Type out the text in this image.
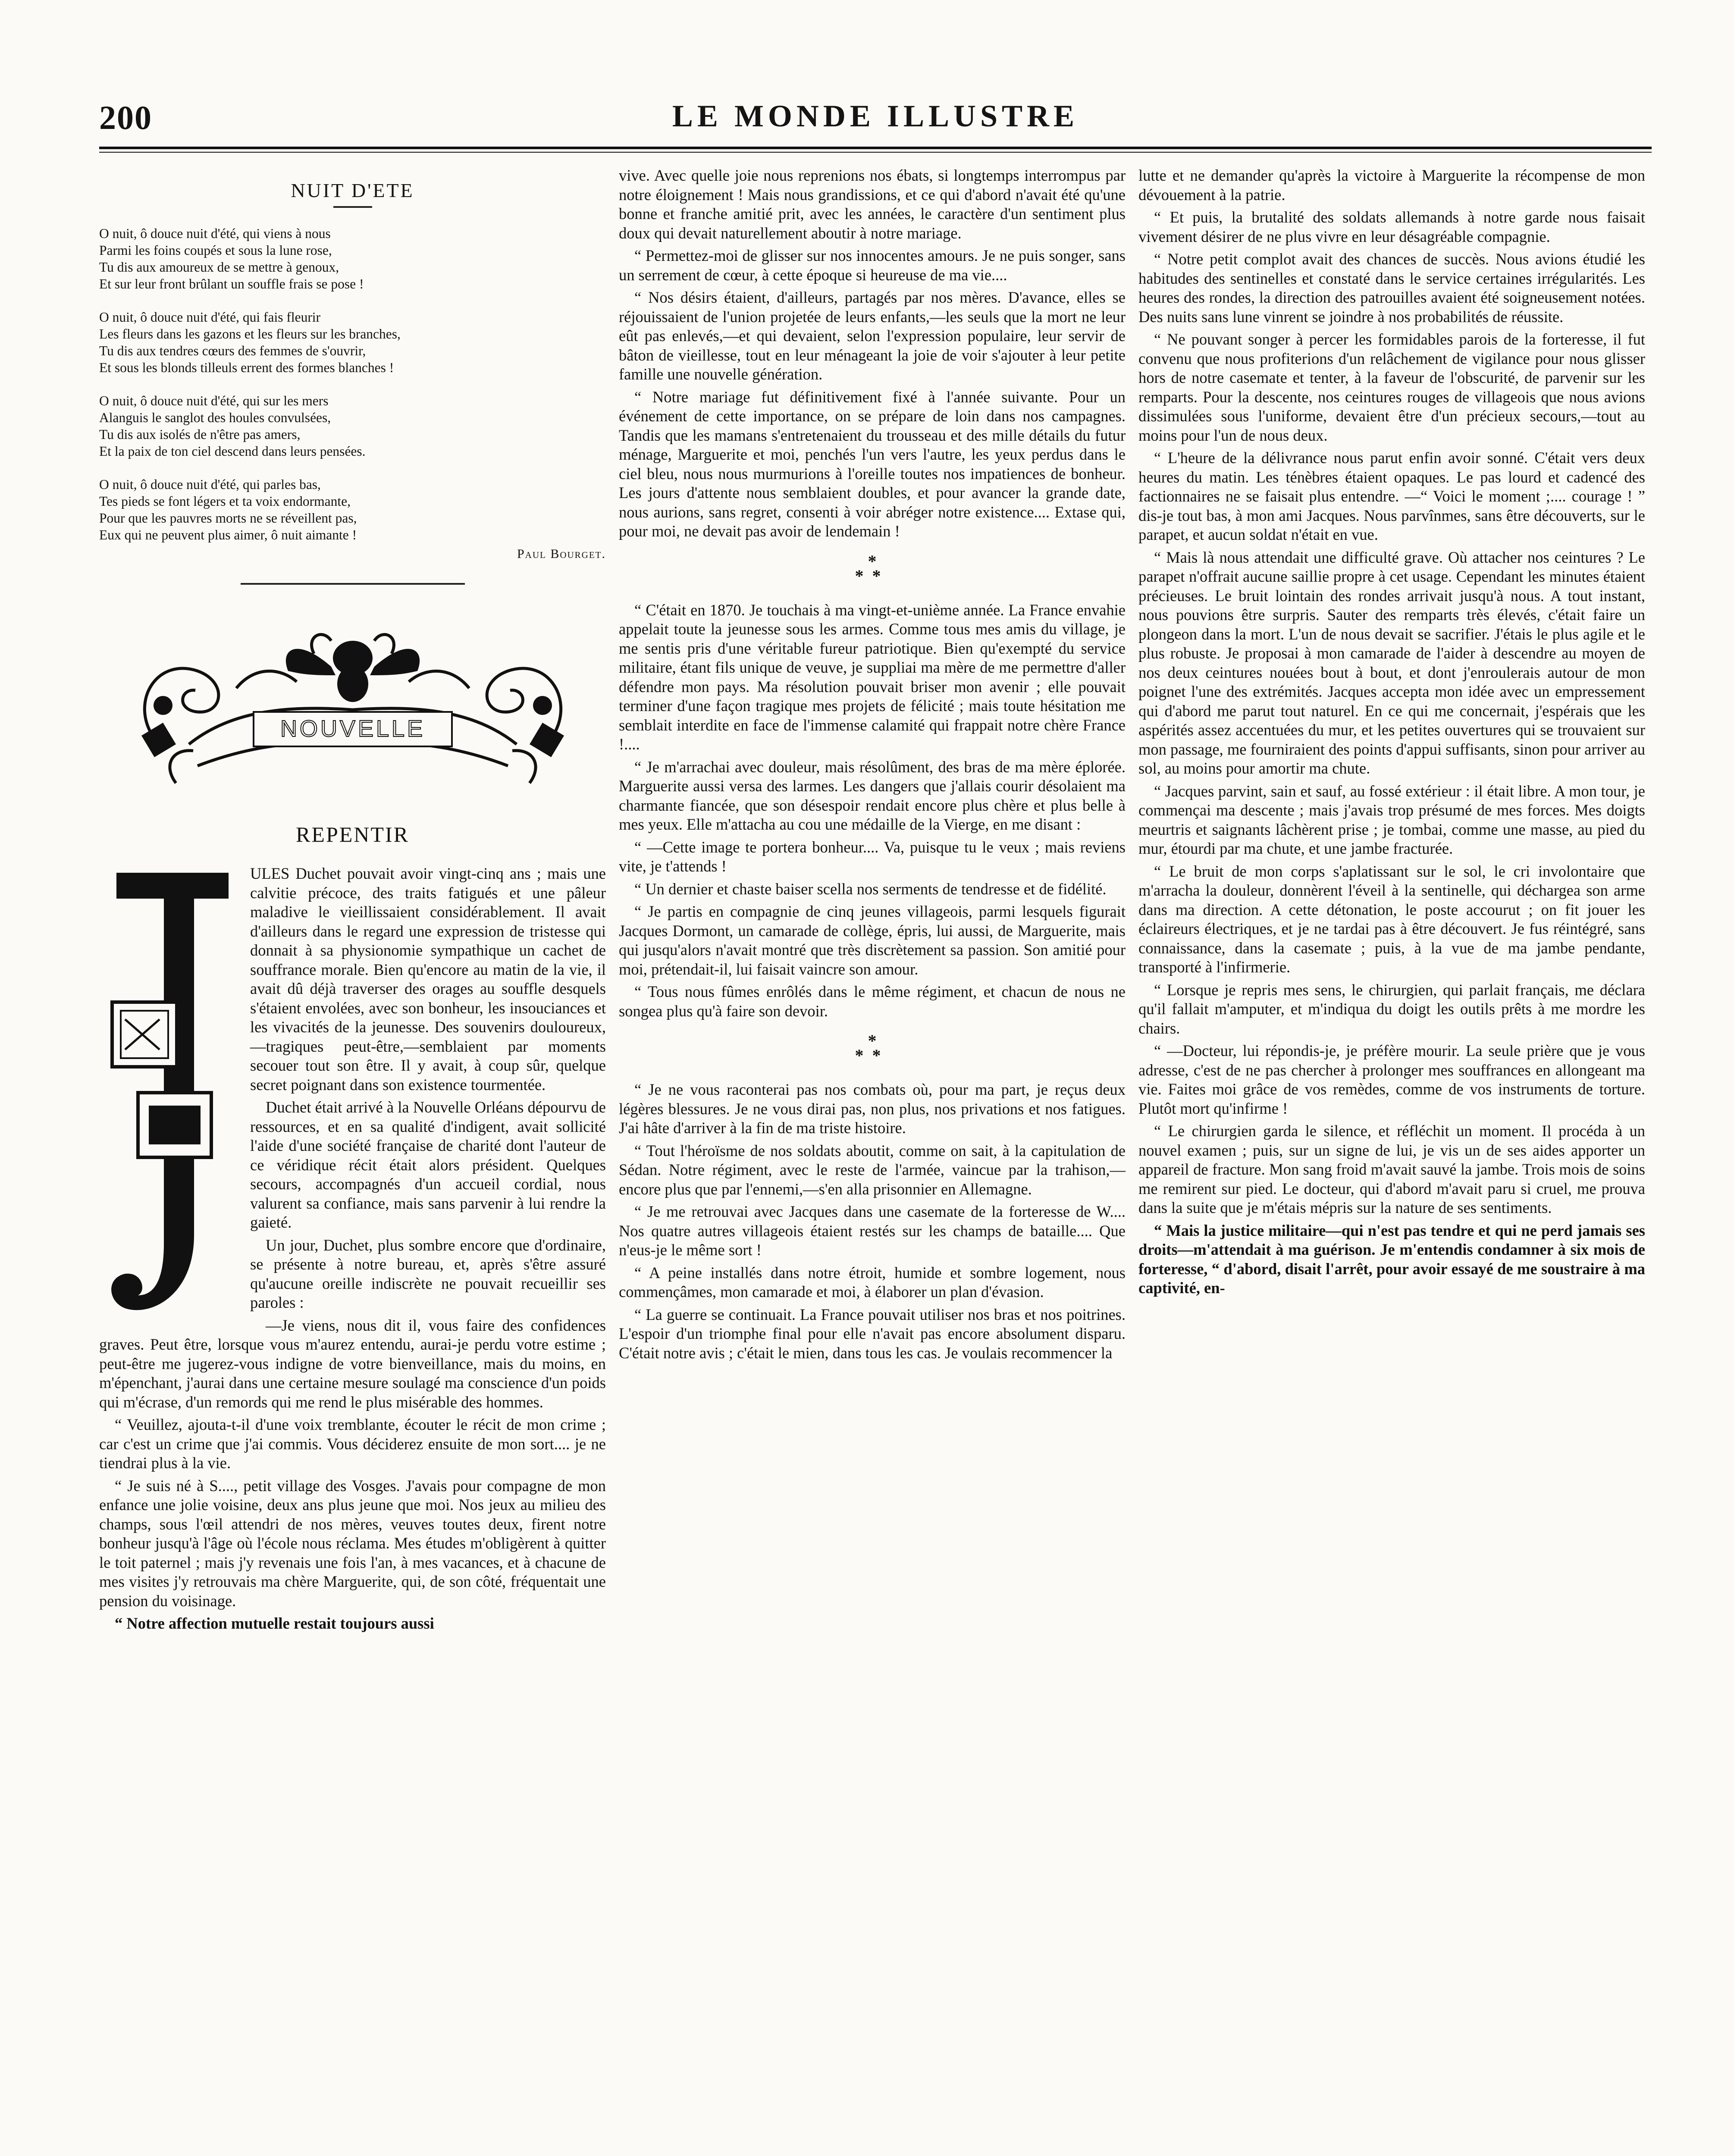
200	LE MONDE ILLUSTRE
NUIT D'ETE
O nuit, ô douce nuit d'été, qui viens à nous
Parmi les foins coupés et sous la lune rose,
Tu dis aux amoureux de se mettre à genoux,
Et sur leur front brûlant un souffle frais se pose !
O nuit, ô douce nuit d'été, qui fais fleurir
Les fleurs dans les gazons et les fleurs sur les branches,
Tu dis aux tendres cœurs des femmes de s'ouvrir,
Et sous les blonds tilleuls errent des formes blanches !
O nuit, ô douce nuit d'été, qui sur les mers
Alanguis le sanglot des houles convulsées,
Tu dis aux isolés de n'être pas amers,
Et la paix de ton ciel descend dans leurs pensées.
O nuit, ô douce nuit d'été, qui parles bas,
Tes pieds se font légers et ta voix endormante,
Pour que les pauvres morts ne se réveillent pas,
Eux qui ne peuvent plus aimer, ô nuit aimante !
Paul Bourget.
NOUVELLE
REPENTIR

ULES Duchet pouvait avoir vingt-cinq ans ; mais une calvitie précoce, des traits fatigués et une pâleur maladive le vieillissaient considérablement. Il avait d'ailleurs dans le regard une expression de tristesse qui donnait à sa physionomie sympathique un cachet de souffrance morale. Bien qu'encore au matin de la vie, il avait dû déjà traverser des orages au souffle desquels s'étaient envolées, avec son bonheur, les insouciances et les vivacités de la jeunesse. Des souvenirs douloureux,—tragiques peut-être,—semblaient par moments secouer tout son être. Il y avait, à coup sûr, quelque secret poignant dans son existence tourmentée.

Duchet était arrivé à la Nouvelle Orléans dépourvu de ressources, et en sa qualité d'indigent, avait sollicité l'aide d'une société française de charité dont l'auteur de ce véridique récit était alors président. Quelques secours, accompagnés d'un accueil cordial, nous valurent sa confiance, mais sans parvenir à lui rendre la gaieté.

Un jour, Duchet, plus sombre encore que d'ordinaire, se présente à notre bureau, et, après s'être assuré qu'aucune oreille indiscrète ne pouvait recueillir ses paroles :

—Je viens, nous dit il, vous faire des confidences graves. Peut être, lorsque vous m'aurez entendu, aurai-je perdu votre estime ; peut-être me jugerez-vous indigne de votre bienveillance, mais du moins, en m'épenchant, j'aurai dans une certaine mesure soulagé ma conscience d'un poids qui m'écrase, d'un remords qui me rend le plus misérable des hommes.

“ Veuillez, ajouta-t-il d'une voix tremblante, écouter le récit de mon crime ; car c'est un crime que j'ai commis. Vous déciderez ensuite de mon sort.... je ne tiendrai plus à la vie.

“ Je suis né à S...., petit village des Vosges. J'avais pour compagne de mon enfance une jolie voisine, deux ans plus jeune que moi. Nos jeux au milieu des champs, sous l'œil attendri de nos mères, veuves toutes deux, firent notre bonheur jusqu'à l'âge où l'école nous réclama. Mes études m'obligèrent à quitter le toit paternel ; mais j'y revenais une fois l'an, à mes vacances, et à chacune de mes visites j'y retrouvais ma chère Marguerite, qui, de son côté, fréquentait une pension du voisinage.

“ Notre affection mutuelle restait toujours aussi

vive. Avec quelle joie nous reprenions nos ébats, si longtemps interrompus par notre éloignement ! Mais nous grandissions, et ce qui d'abord n'avait été qu'une bonne et franche amitié prit, avec les années, le caractère d'un sentiment plus doux qui devait naturellement aboutir à notre mariage.

“ Permettez-moi de glisser sur nos innocentes amours. Je ne puis songer, sans un serrement de cœur, à cette époque si heureuse de ma vie....

“ Nos désirs étaient, d'ailleurs, partagés par nos mères. D'avance, elles se réjouissaient de l'union projetée de leurs enfants,—les seuls que la mort ne leur eût pas enlevés,—et qui devaient, selon l'expression populaire, leur servir de bâton de vieillesse, tout en leur ménageant la joie de voir s'ajouter à leur petite famille une nouvelle génération.

“ Notre mariage fut définitivement fixé à l'année suivante. Pour un événement de cette importance, on se prépare de loin dans nos campagnes. Tandis que les mamans s'entretenaient du trousseau et des mille détails du futur ménage, Marguerite et moi, penchés l'un vers l'autre, les yeux perdus dans le ciel bleu, nous nous murmurions à l'oreille toutes nos impatiences de bonheur. Les jours d'attente nous semblaient doubles, et pour avancer la grande date, nous aurions, sans regret, consenti à voir abréger notre existence.... Extase qui, pour moi, ne devait pas avoir de lendemain !

*
**

“ C'était en 1870. Je touchais à ma vingt-et-unième année. La France envahie appelait toute la jeunesse sous les armes. Comme tous mes amis du village, je me sentis pris d'une véritable fureur patriotique. Bien qu'exempté du service militaire, étant fils unique de veuve, je suppliai ma mère de me permettre d'aller défendre mon pays. Ma résolution pouvait briser mon avenir ; elle pouvait terminer d'une façon tragique mes projets de félicité ; mais toute hésitation me semblait interdite en face de l'immense calamité qui frappait notre chère France !....

“ Je m'arrachai avec douleur, mais résolûment, des bras de ma mère éplorée. Marguerite aussi versa des larmes. Les dangers que j'allais courir désolaient ma charmante fiancée, que son désespoir rendait encore plus chère et plus belle à mes yeux. Elle m'attacha au cou une médaille de la Vierge, en me disant :

“ —Cette image te portera bonheur.... Va, puisque tu le veux ; mais reviens vite, je t'attends !

“ Un dernier et chaste baiser scella nos serments de tendresse et de fidélité.

“ Je partis en compagnie de cinq jeunes villageois, parmi lesquels figurait Jacques Dormont, un camarade de collège, épris, lui aussi, de Marguerite, mais qui jusqu'alors n'avait montré que très discrètement sa passion. Son amitié pour moi, prétendait-il, lui faisait vaincre son amour.

“ Tous nous fûmes enrôlés dans le même régiment, et chacun de nous ne songea plus qu'à faire son devoir.

*
**

“ Je ne vous raconterai pas nos combats où, pour ma part, je reçus deux légères blessures. Je ne vous dirai pas, non plus, nos privations et nos fatigues. J'ai hâte d'arriver à la fin de ma triste histoire.

“ Tout l'héroïsme de nos soldats aboutit, comme on sait, à la capitulation de Sédan. Notre régiment, avec le reste de l'armée, vaincue par la trahison,—encore plus que par l'ennemi,—s'en alla prisonnier en Allemagne.

“ Je me retrouvai avec Jacques dans une casemate de la forteresse de W.... Nos quatre autres villageois étaient restés sur les champs de bataille.... Que n'eus-je le même sort !

“ A peine installés dans notre étroit, humide et sombre logement, nous commençâmes, mon camarade et moi, à élaborer un plan d'évasion.

“ La guerre se continuait. La France pouvait utiliser nos bras et nos poitrines. L'espoir d'un triomphe final pour elle n'avait pas encore absolument disparu. C'était notre avis ; c'était le mien, dans tous les cas. Je voulais recommencer la

lutte et ne demander qu'après la victoire à Marguerite la récompense de mon dévouement à la patrie.

“ Et puis, la brutalité des soldats allemands à notre garde nous faisait vivement désirer de ne plus vivre en leur désagréable compagnie.

“ Notre petit complot avait des chances de succès. Nous avions étudié les habitudes des sentinelles et constaté dans le service certaines irrégularités. Les heures des rondes, la direction des patrouilles avaient été soigneusement notées. Des nuits sans lune vinrent se joindre à nos probabilités de réussite.

“ Ne pouvant songer à percer les formidables parois de la forteresse, il fut convenu que nous profiterions d'un relâchement de vigilance pour nous glisser hors de notre casemate et tenter, à la faveur de l'obscurité, de parvenir sur les remparts. Pour la descente, nos ceintures rouges de villageois que nous avions dissimulées sous l'uniforme, devaient être d'un précieux secours,—tout au moins pour l'un de nous deux.

“ L'heure de la délivrance nous parut enfin avoir sonné. C'était vers deux heures du matin. Les ténèbres étaient opaques. Le pas lourd et cadencé des factionnaires ne se faisait plus entendre. —“ Voici le moment ;.... courage ! ” dis-je tout bas, à mon ami Jacques. Nous parvînmes, sans être découverts, sur le parapet, et aucun soldat n'était en vue.

“ Mais là nous attendait une difficulté grave. Où attacher nos ceintures ? Le parapet n'offrait aucune saillie propre à cet usage. Cependant les minutes étaient précieuses. Le bruit lointain des rondes arrivait jusqu'à nous. A tout instant, nous pouvions être surpris. Sauter des remparts très élevés, c'était faire un plongeon dans la mort. L'un de nous devait se sacrifier. J'étais le plus agile et le plus robuste. Je proposai à mon camarade de l'aider à descendre au moyen de nos deux ceintures nouées bout à bout, et dont j'enroulerais autour de mon poignet l'une des extrémités. Jacques accepta mon idée avec un empressement qui d'abord me parut tout naturel. En ce qui me concernait, j'espérais que les aspérités assez accentuées du mur, et les petites ouvertures qui se trouvaient sur mon passage, me fourniraient des points d'appui suffisants, sinon pour arriver au sol, au moins pour amortir ma chute.

“ Jacques parvint, sain et sauf, au fossé extérieur : il était libre. A mon tour, je commençai ma descente ; mais j'avais trop présumé de mes forces. Mes doigts meurtris et saignants lâchèrent prise ; je tombai, comme une masse, au pied du mur, étourdi par ma chute, et une jambe fracturée.

“ Le bruit de mon corps s'aplatissant sur le sol, le cri involontaire que m'arracha la douleur, donnèrent l'éveil à la sentinelle, qui déchargea son arme dans ma direction. A cette détonation, le poste accourut ; on fit jouer les éclaireurs électriques, et je ne tardai pas à être découvert. Je fus réintégré, sans connaissance, dans la casemate ; puis, à la vue de ma jambe pendante, transporté à l'infirmerie.

“ Lorsque je repris mes sens, le chirurgien, qui parlait français, me déclara qu'il fallait m'amputer, et m'indiqua du doigt les outils prêts à me mordre les chairs.

“ —Docteur, lui répondis-je, je préfère mourir. La seule prière que je vous adresse, c'est de ne pas chercher à prolonger mes souffrances en allongeant ma vie. Faites moi grâce de vos remèdes, comme de vos instruments de torture. Plutôt mort qu'infirme !

“ Le chirurgien garda le silence, et réfléchit un moment. Il procéda à un nouvel examen ; puis, sur un signe de lui, je vis un de ses aides apporter un appareil de fracture. Mon sang froid m'avait sauvé la jambe. Trois mois de soins me remirent sur pied. Le docteur, qui d'abord m'avait paru si cruel, me prouva dans la suite que je m'étais mépris sur la nature de ses sentiments.

“ Mais la justice militaire—qui n'est pas tendre et qui ne perd jamais ses droits—m'attendait à ma guérison. Je m'entendis condamner à six mois de forteresse, “ d'abord, disait l'arrêt, pour avoir essayé de me soustraire à ma captivité, en-
